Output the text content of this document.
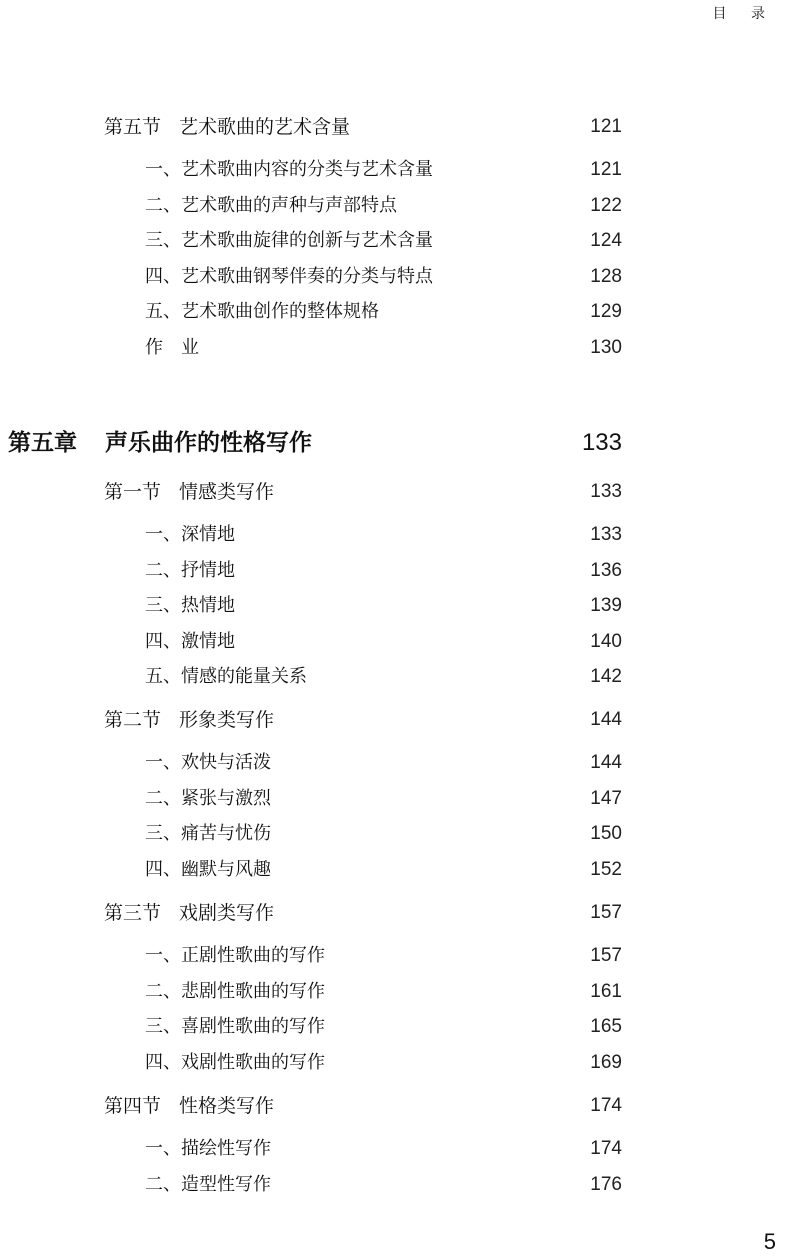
目 录
第五节 艺术歌曲的艺术含量	121
一、艺术歌曲内容的分类与艺术含量	121
二、艺术歌曲的声种与声部特点	122
三、艺术歌曲旋律的创新与艺术含量	124
四、艺术歌曲钢琴伴奏的分类与特点	128
五、艺术歌曲创作的整体规格	129
作　业	130
第五章 声乐曲作的性格写作	133
第一节 情感类写作	133
一、深情地	133
二、抒情地	136
三、热情地	139
四、激情地	140
五、情感的能量关系	142
第二节 形象类写作	144
一、欢快与活泼	144
二、紧张与激烈	147
三、痛苦与忧伤	150
四、幽默与风趣	152
第三节 戏剧类写作	157
一、正剧性歌曲的写作	157
二、悲剧性歌曲的写作	161
三、喜剧性歌曲的写作	165
四、戏剧性歌曲的写作	169
第四节 性格类写作	174
一、描绘性写作	174
二、造型性写作	176
5
